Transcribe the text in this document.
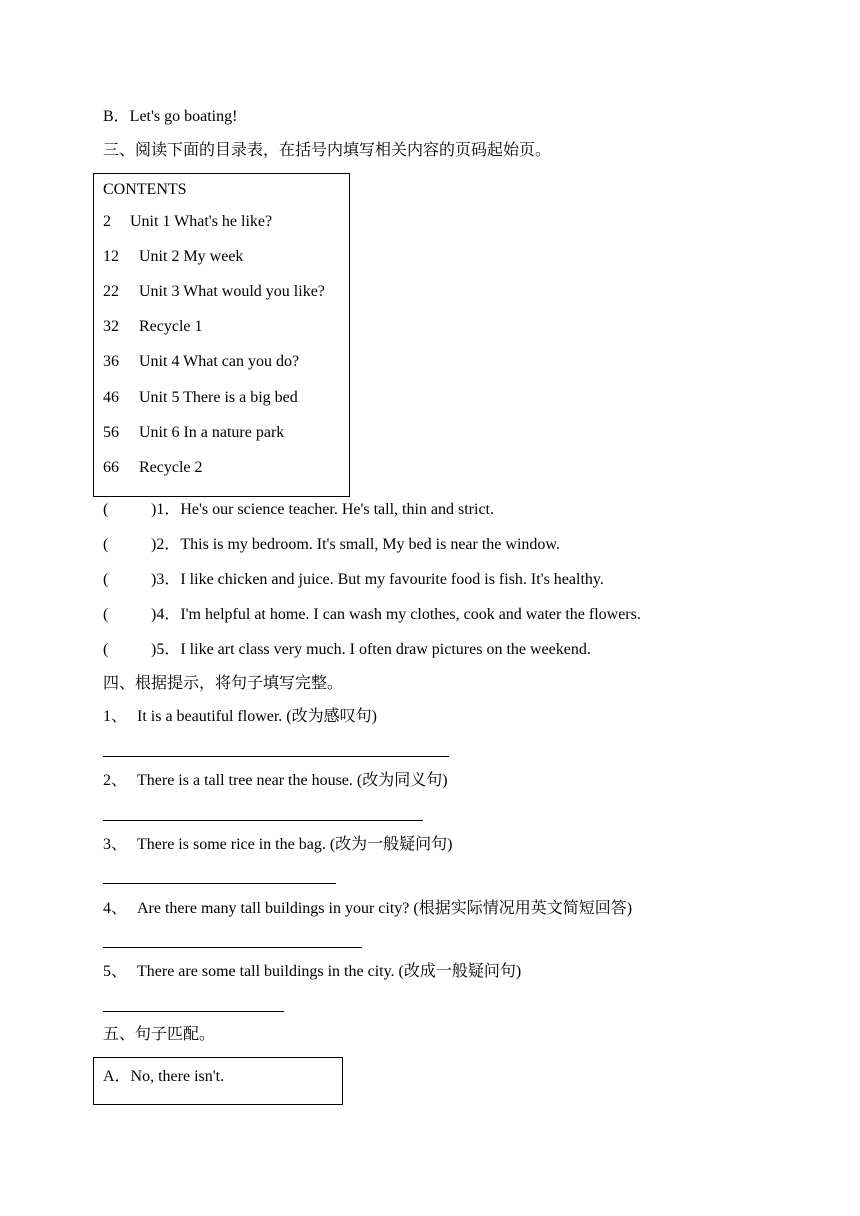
B．Let's go boating!
三、阅读下面的目录表，在括号内填写相关内容的页码起始页。
CONTENTS
2 Unit 1 What's he like?
12 Unit 2 My week
22 Unit 3 What would you like?
32 Recycle 1
36 Unit 4 What can you do?
46 Unit 5 There is a big bed
56 Unit 6 In a nature park
66 Recycle 2
(	)1．He's our science teacher. He's tall, thin and strict.
(	)2．This is my bedroom. It's small, My bed is near the window.
(	)3．I like chicken and juice. But my favourite food is fish. It's healthy.
(	)4．I'm helpful at home. I can wash my clothes, cook and water the flowers.
(	)5．I like art class very much. I often draw pictures on the weekend.
四、根据提示，将句子填写完整。
1、 It is a beautiful flower. (改为感叹句)
2、 There is a tall tree near the house. (改为同义句)
3、 There is some rice in the bag. (改为一般疑问句)
4、 Are there many tall buildings in your city? (根据实际情况用英文简短回答)
5、 There are some tall buildings in the city. (改成一般疑问句)
五、句子匹配。
A．No, there isn't.
